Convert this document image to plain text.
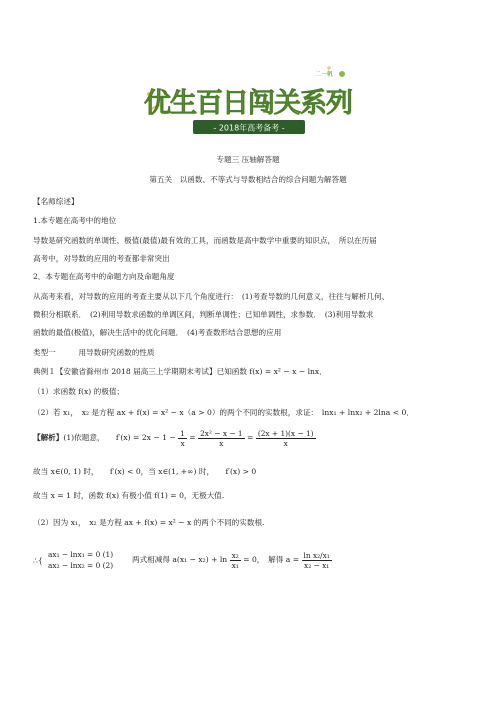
二一帆
优生百日闯关系列
- 2018年高考备考 -
专题三 压轴解答题
第五关　以函数、不等式与导数相结合的综合问题为解答题
【名师综述】
1.本专题在高考中的地位
导数是研究函数的单调性、极值(最值)最有效的工具，而函数是高中数学中重要的知识点，　所以在历届
高考中，对导数的应用的考查都非常突出
2．本专题在高考中的命题方向及命题角度
从高考来看，对导数的应用的考查主要从以下几个角度进行：　(1)考查导数的几何意义，往往与解析几何、
微积分相联系．　(2)利用导数求函数的单调区间，判断单调性；已知单调性，求参数．　(3)利用导数求
函数的最值(极值)，解决生活中的优化问题．　(4)考查数形结合思想的应用
类型一　　　用导数研究函数的性质
典例１【安徽省滁州市 2018 届高三上学期期末考试】已知函数 f(x) = x² − x − lnx．
（1）求函数 f(x) 的极值；
（2）若 x₁，　x₂ 是方程 ax + f(x) = x² − x（a > 0）的两个不同的实数根，求证：　lnx₁ + lnx₂ + 2lna < 0．
【解析】(1)依题意，　　$f'(x) = 2x - 1 - \frac{1}{x} = \frac{\text{2x² − x − 1}}{x} = \frac{(2x + 1)(x - 1)}{x}$
故当 x∈(0, 1) 时，　　f′(x) < 0，当 x∈(1, +∞) 时，　　f′(x) > 0
故当 x = 1 时，函数 f(x) 有极小值 f(1) = 0，无极大值.
（2）因为 x₁，　x₂ 是方程 ax + f(x) = x² − x 的两个不同的实数根.
∴{
ax₁ − lnx₁ = 0 (1)
ax₂ − lnx₂ = 0 (2)
两式相减得 $a(x_1 - x_2) + \ln \frac{\text{x₂}}{\text{x₁}} = 0$，　解得 $a = \frac{\text{ln x₂/x₁}}{\text{x₂ − x₁}}$
